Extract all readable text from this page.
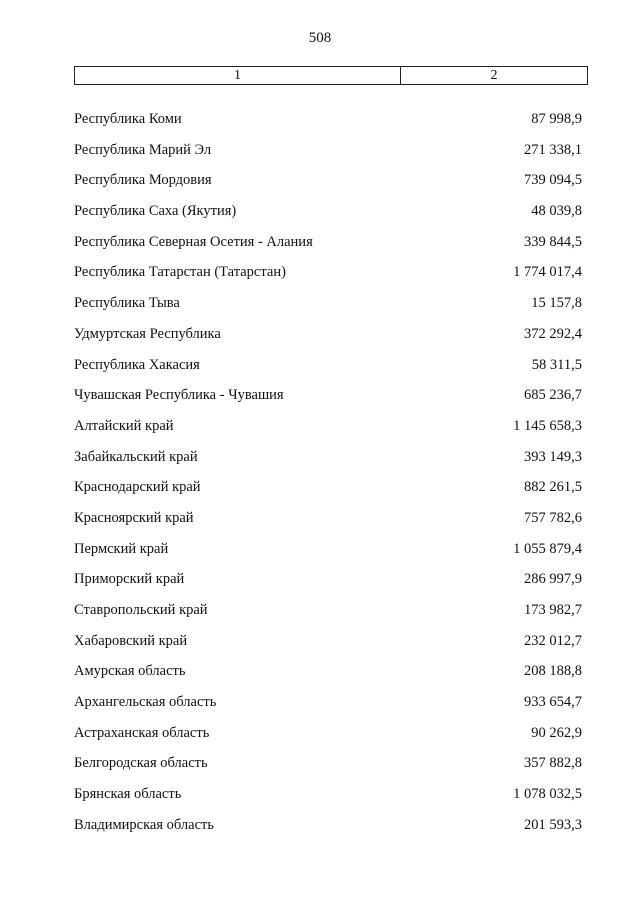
508
1	2
Республика Коми	87 998,9
Республика Марий Эл	271 338,1
Республика Мордовия	739 094,5
Республика Саха (Якутия)	48 039,8
Республика Северная Осетия - Алания	339 844,5
Республика Татарстан (Татарстан)	1 774 017,4
Республика Тыва	15 157,8
Удмуртская Республика	372 292,4
Республика Хакасия	58 311,5
Чувашская Республика - Чувашия	685 236,7
Алтайский край	1 145 658,3
Забайкальский край	393 149,3
Краснодарский край	882 261,5
Красноярский край	757 782,6
Пермский край	1 055 879,4
Приморский край	286 997,9
Ставропольский край	173 982,7
Хабаровский край	232 012,7
Амурская область	208 188,8
Архангельская область	933 654,7
Астраханская область	90 262,9
Белгородская область	357 882,8
Брянская область	1 078 032,5
Владимирская область	201 593,3
